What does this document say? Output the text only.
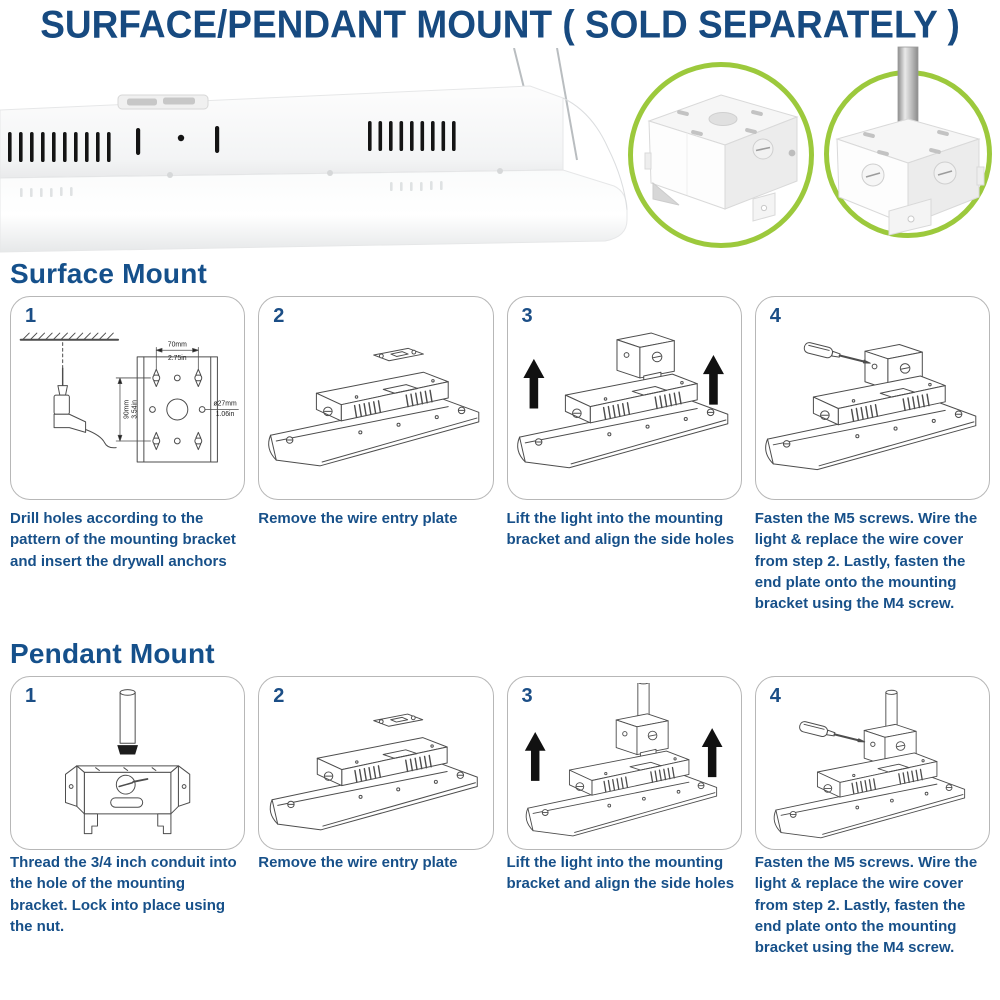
SURFACE/PENDANT MOUNT ( SOLD SEPARATELY )
Surface Mount
1
70mm
2.75in
90mm 3.54in	ø27mm
1.06in
2	3	4
Drill holes according to the pattern of the mounting bracket and insert the drywall anchors
Remove the wire entry plate	Lift the light into the mounting bracket and align the side holes
Fasten the M5 screws. Wire the light & replace the wire cover from step 2. Lastly, fasten the end plate onto the mounting bracket using the M4 screw.
Pendant Mount
1	2	3	4
Thread the 3/4 inch conduit into the hole of the mounting bracket. Lock into place using the nut.
Remove the wire entry plate	Lift the light into the mounting bracket and align the side holes
Fasten the M5 screws. Wire the light & replace the wire cover from step 2. Lastly, fasten the end plate onto the mounting bracket using the M4 screw.
